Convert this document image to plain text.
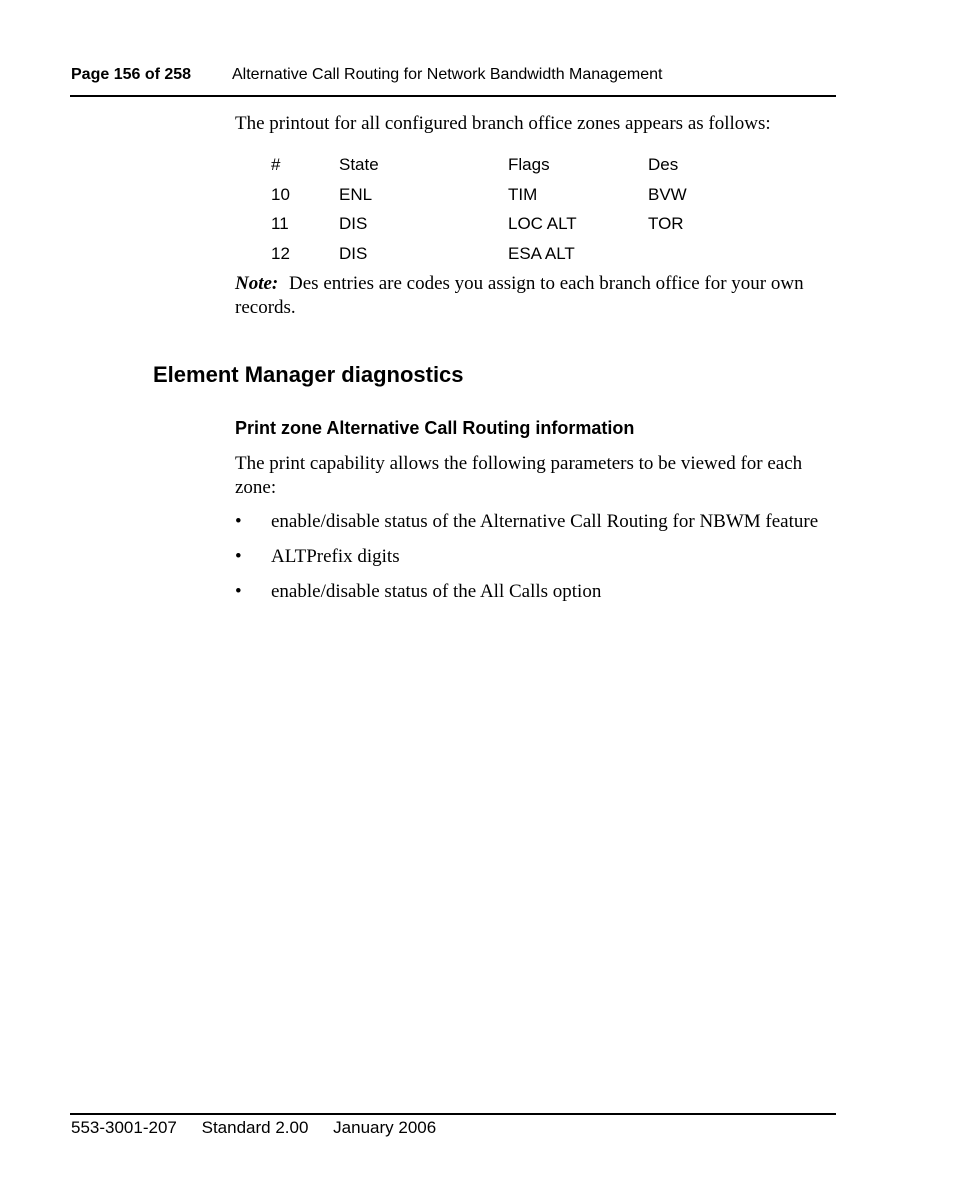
Page 156 of 258	Alternative Call Routing for Network Bandwidth Management
The printout for all configured branch office zones appears as follows:
#	State	Flags	Des
10	ENL	TIM	BVW
11	DIS	LOC ALT	TOR
12	DIS	ESA ALT
Note: Des entries are codes you assign to each branch office for your own records.
Element Manager diagnostics
Print zone Alternative Call Routing information
The print capability allows the following parameters to be viewed for each zone:
• enable/disable status of the Alternative Call Routing for NBWM feature
• ALTPrefix digits
• enable/disable status of the All Calls option
553-3001-207 Standard 2.00 January 2006
